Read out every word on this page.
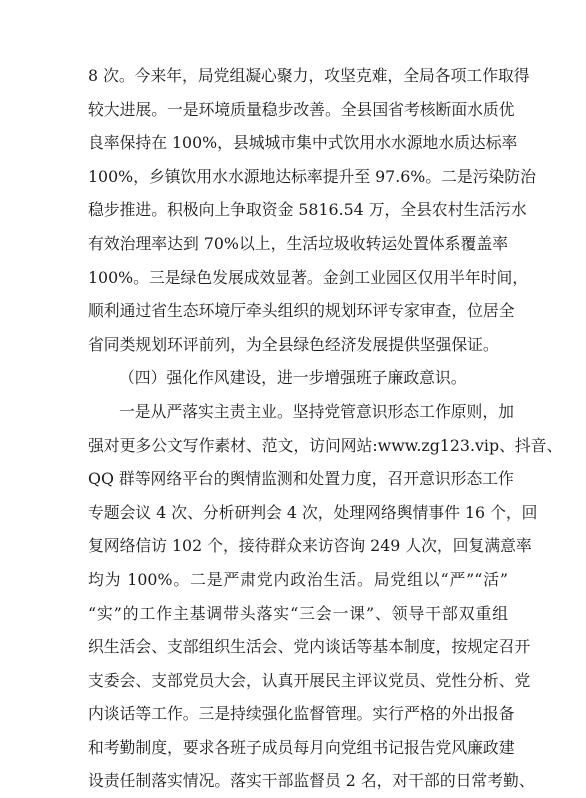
8 次。今来年，局党组凝心聚力，攻坚克难，全局各项工作取得
较大进展。一是环境质量稳步改善。全县国省考核断面水质优
良率保持在 100%，县城城市集中式饮用水水源地水质达标率
100%，乡镇饮用水水源地达标率提升至 97.6%。二是污染防治
稳步推进。积极向上争取资金 5816.54 万，全县农村生活污水
有效治理率达到 70%以上，生活垃圾收转运处置体系覆盖率
100%。三是绿色发展成效显著。金剑工业园区仅用半年时间，
顺利通过省生态环境厅牵头组织的规划环评专家审查，位居全
省同类规划环评前列，为全县绿色经济发展提供坚强保证。
（四）强化作风建设，进一步增强班子廉政意识。
一是从严落实主责主业。坚持党管意识形态工作原则，加
强对更多公文写作素材、范文，访问网站:www.zg123.vip、抖音、
QQ 群等网络平台的舆情监测和处置力度，召开意识形态工作
专题会议 4 次、分析研判会 4 次，处理网络舆情事件 16 个，回
复网络信访 102 个，接待群众来访咨询 249 人次，回复满意率
均为 100%。二是严肃党内政治生活。局党组以“严”“活”
“实”的工作主基调带头落实“三会一课”、领导干部双重组
织生活会、支部组织生活会、党内谈话等基本制度，按规定召开
支委会、支部党员大会，认真开展民主评议党员、党性分析、党
内谈话等工作。三是持续强化监督管理。实行严格的外出报备
和考勤制度，要求各班子成员每月向党组书记报告党风廉政建
设责任制落实情况。落实干部监督员 2 名，对干部的日常考勤、
